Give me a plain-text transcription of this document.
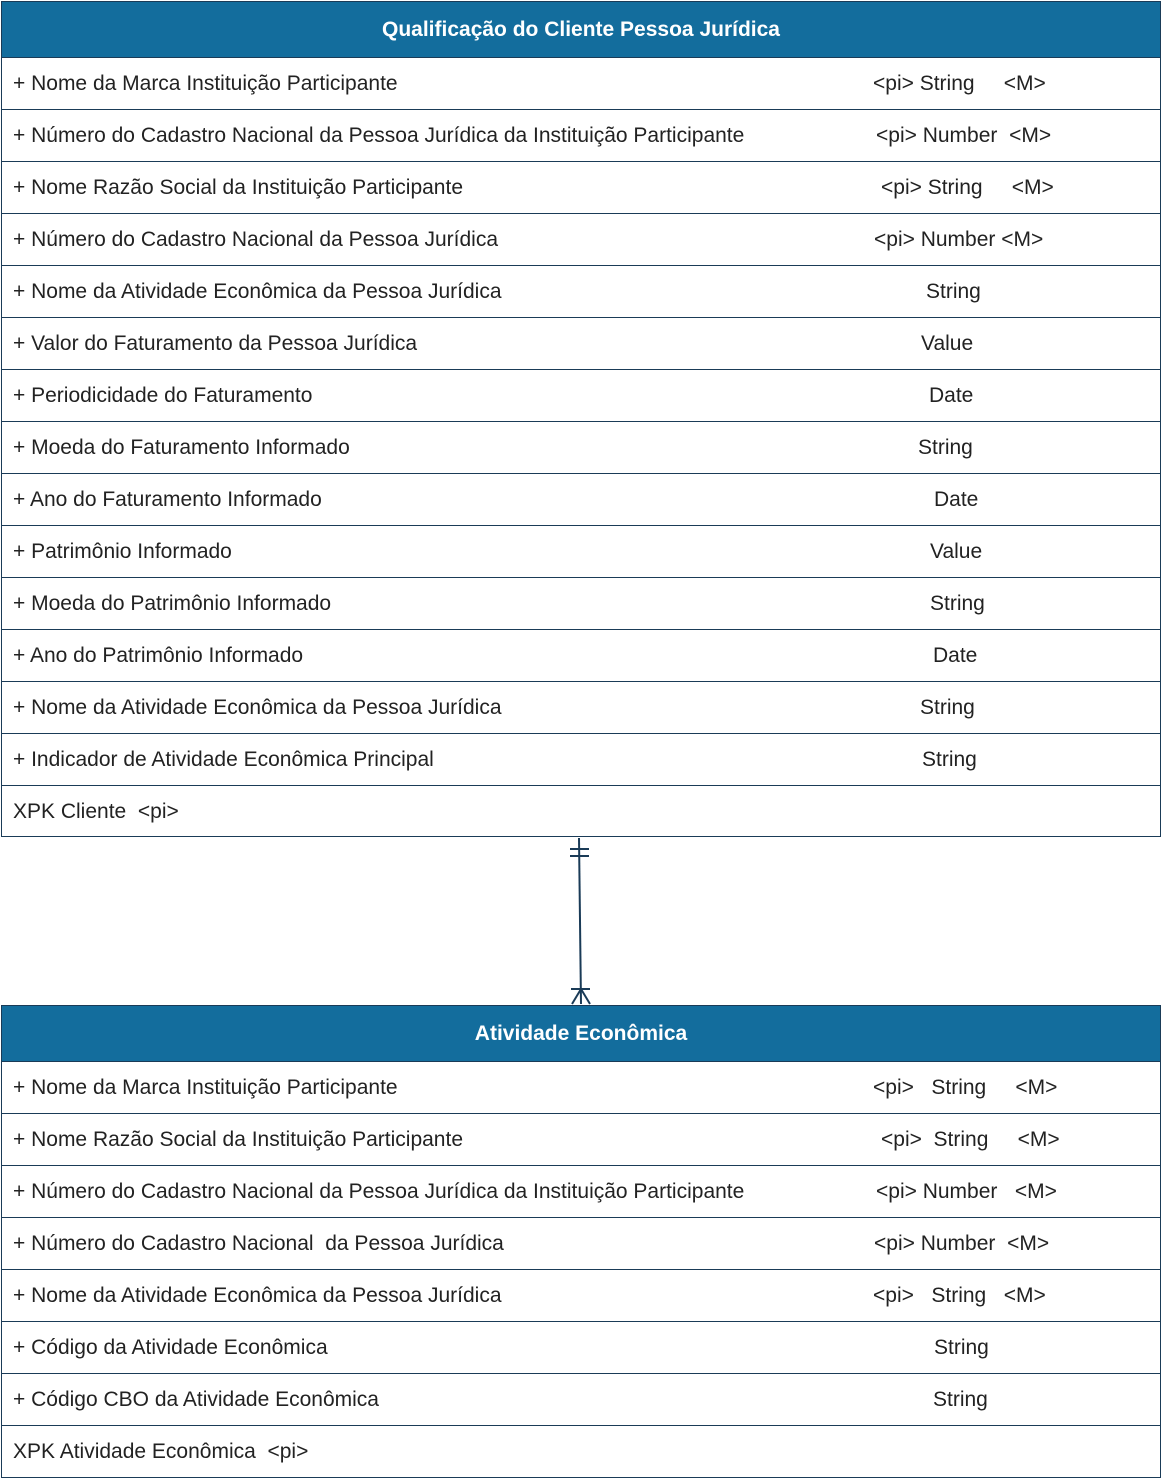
Qualificação do Cliente Pessoa Jurídica
+ Nome da Marca Instituição Participante	<pi> String     <M>
+ Número do Cadastro Nacional da Pessoa Jurídica da Instituição Participante	<pi> Number  <M>
+ Nome Razão Social da Instituição Participante	<pi> String     <M>
+ Número do Cadastro Nacional da Pessoa Jurídica	<pi> Number <M>
+ Nome da Atividade Econômica da Pessoa Jurídica	String
+ Valor do Faturamento da Pessoa Jurídica	Value
+ Periodicidade do Faturamento	Date
+ Moeda do Faturamento Informado	String
+ Ano do Faturamento Informado	Date
+ Patrimônio Informado	Value
+ Moeda do Patrimônio Informado	String
+ Ano do Patrimônio Informado	Date
+ Nome da Atividade Econômica da Pessoa Jurídica	String
+ Indicador de Atividade Econômica Principal	String
XPK Cliente  <pi>
Atividade Econômica
+ Nome da Marca Instituição Participante	<pi>   String     <M>
+ Nome Razão Social da Instituição Participante	<pi>  String     <M>
+ Número do Cadastro Nacional da Pessoa Jurídica da Instituição Participante	<pi> Number   <M>
+ Número do Cadastro Nacional  da Pessoa Jurídica	<pi> Number  <M>
+ Nome da Atividade Econômica da Pessoa Jurídica	<pi>   String   <M>
+ Código da Atividade Econômica	String
+ Código CBO da Atividade Econômica	String
XPK Atividade Econômica  <pi>
